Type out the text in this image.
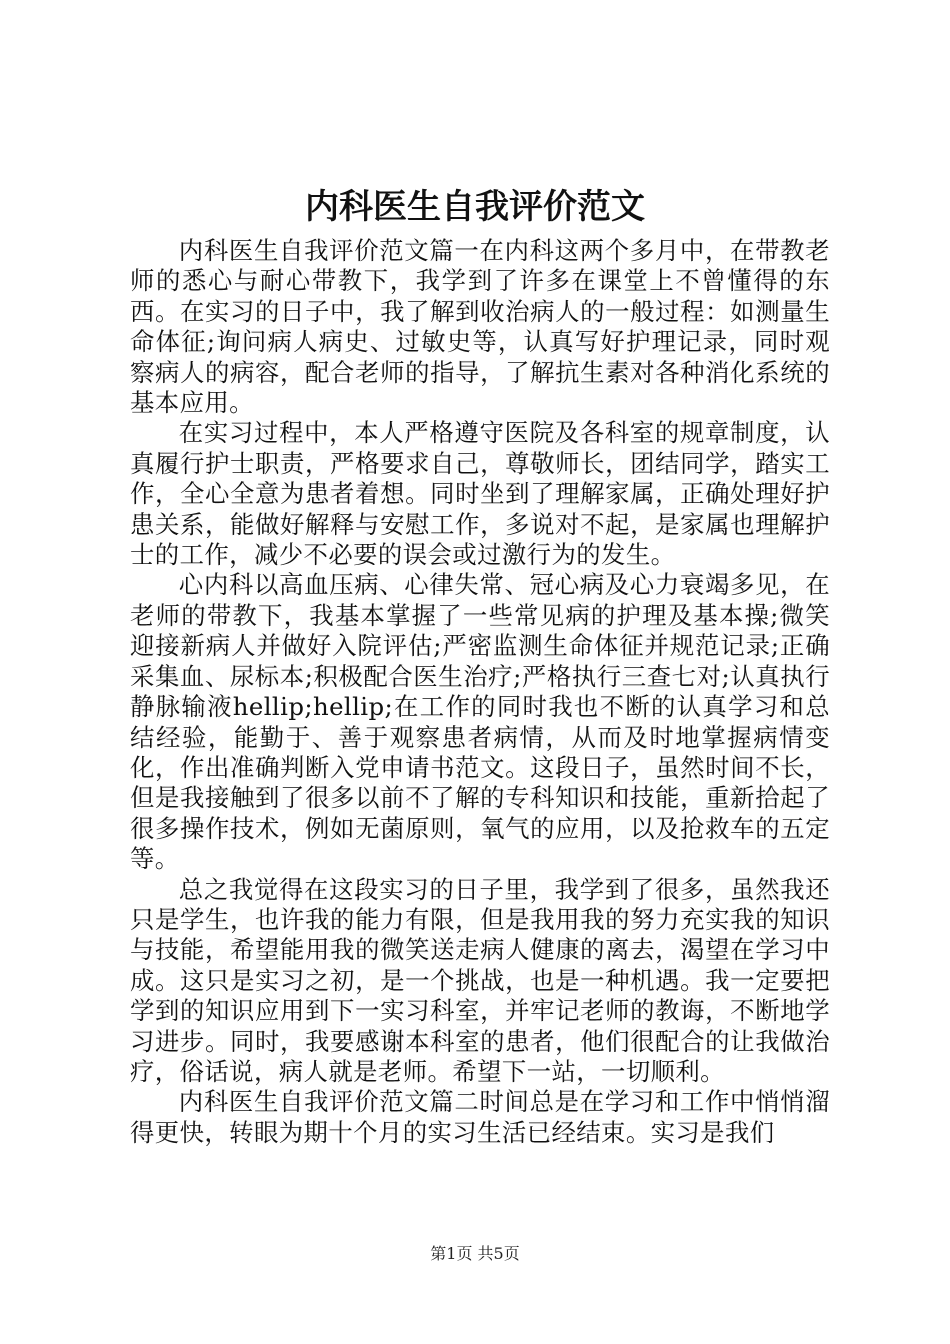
内科医生自我评价范文

内科医生自我评价范文篇一在内科这两个多月中，在带教老师的悉心与耐心带教下，我学到了许多在课堂上不曾懂得的东西。在实习的日子中，我了解到收治病人的一般过程：如测量生命体征;询问病人病史、过敏史等，认真写好护理记录，同时观察病人的病容，配合老师的指导，了解抗生素对各种消化系统的基本应用。

在实习过程中，本人严格遵守医院及各科室的规章制度，认真履行护士职责，严格要求自己，尊敬师长，团结同学，踏实工作，全心全意为患者着想。同时坐到了理解家属，正确处理好护患关系，能做好解释与安慰工作，多说对不起，是家属也理解护士的工作，减少不必要的误会或过激行为的发生。

心内科以高血压病、心律失常、冠心病及心力衰竭多见，在老师的带教下，我基本掌握了一些常见病的护理及基本操;微笑迎接新病人并做好入院评估;严密监测生命体征并规范记录;正确采集血、尿标本;积极配合医生治疗;严格执行三查七对;认真执行静脉输液hellip;hellip;在工作的同时我也不断的认真学习和总结经验，能勤于、善于观察患者病情，从而及时地掌握病情变化，作出准确判断入党申请书范文。这段日子，虽然时间不长，但是我接触到了很多以前不了解的专科知识和技能，重新拾起了很多操作技术，例如无菌原则，氧气的应用，以及抢救车的五定等。

总之我觉得在这段实习的日子里，我学到了很多，虽然我还只是学生，也许我的能力有限，但是我用我的努力充实我的知识与技能，希望能用我的微笑送走病人健康的离去，渴望在学习中成。这只是实习之初，是一个挑战，也是一种机遇。我一定要把学到的知识应用到下一实习科室，并牢记老师的教诲，不断地学习进步。同时，我要感谢本科室的患者，他们很配合的让我做治疗，俗话说，病人就是老师。希望下一站，一切顺利。

内科医生自我评价范文篇二时间总是在学习和工作中悄悄溜得更快，转眼为期十个月的实习生活已经结束。实习是我们

第1页 共5页
